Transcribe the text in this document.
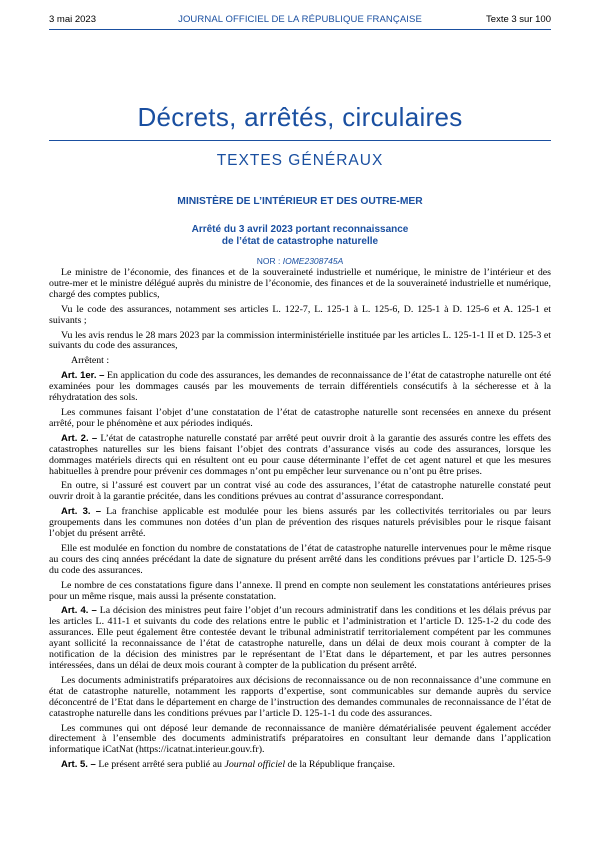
3 mai 2023	JOURNAL OFFICIEL DE LA RÉPUBLIQUE FRANÇAISE	Texte 3 sur 100
Décrets, arrêtés, circulaires
TEXTES GÉNÉRAUX
MINISTÈRE DE L’INTÉRIEUR ET DES OUTRE-MER
Arrêté du 3 avril 2023 portant reconnaissance
de l’état de catastrophe naturelle
NOR : IOME2308745A

Le ministre de l’économie, des finances et de la souveraineté industrielle et numérique, le ministre de l’intérieur et des outre-mer et le ministre délégué auprès du ministre de l’économie, des finances et de la souveraineté industrielle et numérique, chargé des comptes publics,

Vu le code des assurances, notamment ses articles L. 122-7, L. 125-1 à L. 125-6, D. 125-1 à D. 125-6 et A. 125-1 et suivants ;

Vu les avis rendus le 28 mars 2023 par la commission interministérielle instituée par les articles L. 125-1-1 II et D. 125-3 et suivants du code des assurances,

Arrêtent :

Art. 1er. – En application du code des assurances, les demandes de reconnaissance de l’état de catastrophe naturelle ont été examinées pour les dommages causés par les mouvements de terrain différentiels consécutifs à la sécheresse et à la réhydratation des sols.

Les communes faisant l’objet d’une constatation de l’état de catastrophe naturelle sont recensées en annexe du présent arrêté, pour le phénomène et aux périodes indiqués.

Art. 2. – L’état de catastrophe naturelle constaté par arrêté peut ouvrir droit à la garantie des assurés contre les effets des catastrophes naturelles sur les biens faisant l’objet des contrats d’assurance visés au code des assurances, lorsque les dommages matériels directs qui en résultent ont eu pour cause déterminante l’effet de cet agent naturel et que les mesures habituelles à prendre pour prévenir ces dommages n’ont pu empêcher leur survenance ou n’ont pu être prises.

En outre, si l’assuré est couvert par un contrat visé au code des assurances, l’état de catastrophe naturelle constaté peut ouvrir droit à la garantie précitée, dans les conditions prévues au contrat d’assurance correspondant.

Art. 3. – La franchise applicable est modulée pour les biens assurés par les collectivités territoriales ou par leurs groupements dans les communes non dotées d’un plan de prévention des risques naturels prévisibles pour le risque faisant l’objet du présent arrêté.

Elle est modulée en fonction du nombre de constatations de l’état de catastrophe naturelle intervenues pour le même risque au cours des cinq années précédant la date de signature du présent arrêté dans les conditions prévues par l’article D. 125-5-9 du code des assurances.

Le nombre de ces constatations figure dans l’annexe. Il prend en compte non seulement les constatations antérieures prises pour un même risque, mais aussi la présente constatation.

Art. 4. – La décision des ministres peut faire l’objet d’un recours administratif dans les conditions et les délais prévus par les articles L. 411-1 et suivants du code des relations entre le public et l’administration et l’article D. 125-1-2 du code des assurances. Elle peut également être contestée devant le tribunal administratif territorialement compétent par les communes ayant sollicité la reconnaissance de l’état de catastrophe naturelle, dans un délai de deux mois courant à compter de la notification de la décision des ministres par le représentant de l’Etat dans le département, et par les autres personnes intéressées, dans un délai de deux mois courant à compter de la publication du présent arrêté.

Les documents administratifs préparatoires aux décisions de reconnaissance ou de non reconnaissance d’une commune en état de catastrophe naturelle, notamment les rapports d’expertise, sont communicables sur demande auprès du service déconcentré de l’Etat dans le département en charge de l’instruction des demandes communales de reconnaissance de l’état de catastrophe naturelle dans les conditions prévues par l’article D. 125-1-1 du code des assurances.

Les communes qui ont déposé leur demande de reconnaissance de manière dématérialisée peuvent également accéder directement à l’ensemble des documents administratifs préparatoires en consultant leur demande dans l’application informatique iCatNat (https://icatnat.interieur.gouv.fr).

Art. 5. – Le présent arrêté sera publié au Journal officiel de la République française.
